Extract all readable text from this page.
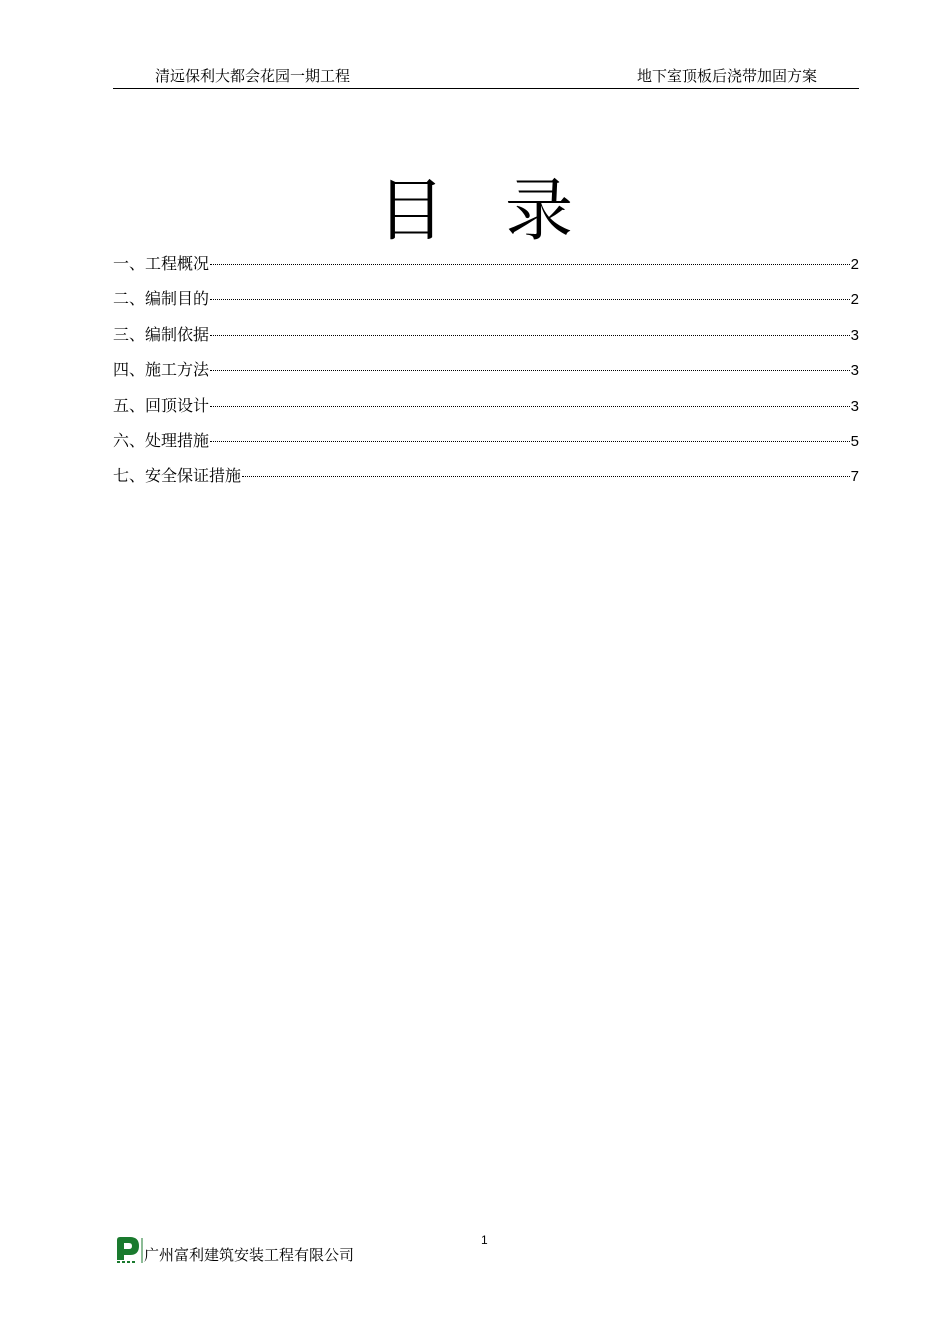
清远保利大都会花园一期工程	地下室顶板后浇带加固方案
目录
一、工程概况	2
二、编制目的	2
三、编制依据	3
四、施工方法	3
五、回顶设计	3
六、处理措施	5
七、安全保证措施	7
1
广州富利建筑安装工程有限公司
